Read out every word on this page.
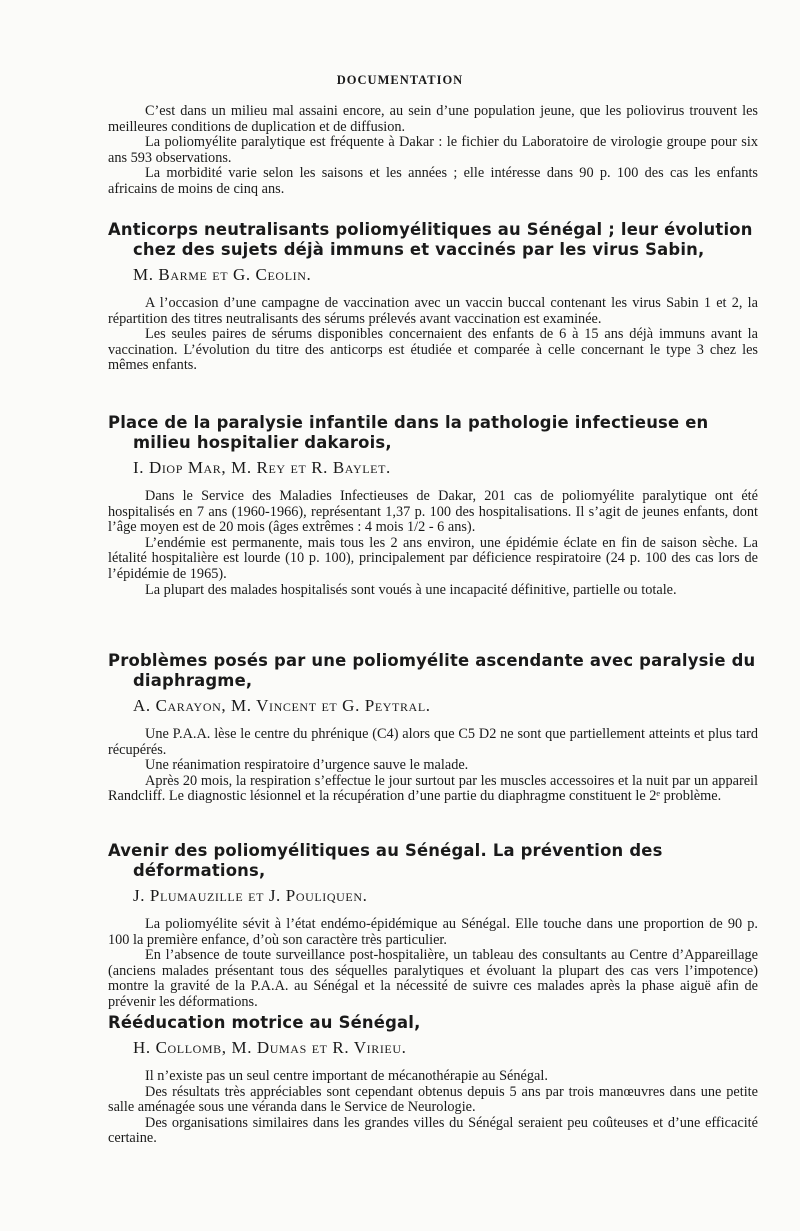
DOCUMENTATION

C’est dans un milieu mal assaini encore, au sein d’une population jeune, que les poliovirus trouvent les meilleures conditions de duplication et de diffusion.

La poliomyélite paralytique est fréquente à Dakar : le fichier du Laboratoire de virologie groupe pour six ans 593 observations.

La morbidité varie selon les saisons et les années ; elle intéresse dans 90 p. 100 des cas les enfants africains de moins de cinq ans.

Anticorps neutralisants poliomyélitiques au Sénégal ; leur évolution chez des sujets déjà immuns et vaccinés par les virus Sabin,
M. Barme et G. Ceolin.

A l’occasion d’une campagne de vaccination avec un vaccin buccal contenant les virus Sabin 1 et 2, la répartition des titres neutralisants des sérums prélevés avant vaccination est examinée.

Les seules paires de sérums disponibles concernaient des enfants de 6 à 15 ans déjà immuns avant la vaccination. L’évolution du titre des anticorps est étudiée et comparée à celle concernant le type 3 chez les mêmes enfants.

Place de la paralysie infantile dans la pathologie infectieuse en milieu hospitalier dakarois,
I. Diop Mar, M. Rey et R. Baylet.

Dans le Service des Maladies Infectieuses de Dakar, 201 cas de poliomyélite paralytique ont été hospitalisés en 7 ans (1960-1966), représentant 1,37 p. 100 des hospitalisations. Il s’agit de jeunes enfants, dont l’âge moyen est de 20 mois (âges extrêmes : 4 mois 1/2 - 6 ans).

L’endémie est permanente, mais tous les 2 ans environ, une épidémie éclate en fin de saison sèche. La létalité hospitalière est lourde (10 p. 100), principalement par déficience respiratoire (24 p. 100 des cas lors de l’épidémie de 1965).

La plupart des malades hospitalisés sont voués à une incapacité définitive, partielle ou totale.

Problèmes posés par une poliomyélite ascendante avec paralysie du diaphragme,
A. Carayon, M. Vincent et G. Peytral.

Une P.A.A. lèse le centre du phrénique (C4) alors que C5 D2 ne sont que partiellement atteints et plus tard récupérés.

Une réanimation respiratoire d’urgence sauve le malade.

Après 20 mois, la respiration s’effectue le jour surtout par les muscles accessoires et la nuit par un appareil Randcliff. Le diagnostic lésionnel et la récupération d’une partie du diaphragme constituent le 2ᵉ problème.

Avenir des poliomyélitiques au Sénégal. La prévention des déformations,
J. Plumauzille et J. Pouliquen.

La poliomyélite sévit à l’état endémo-épidémique au Sénégal. Elle touche dans une proportion de 90 p. 100 la première enfance, d’où son caractère très particulier.

En l’absence de toute surveillance post-hospitalière, un tableau des consultants au Centre d’Appareillage (anciens malades présentant tous des séquelles paralytiques et évoluant la plupart des cas vers l’impotence) montre la gravité de la P.A.A. au Sénégal et la nécessité de suivre ces malades après la phase aiguë afin de prévenir les déformations.

Rééducation motrice au Sénégal,
H. Collomb, M. Dumas et R. Virieu.

Il n’existe pas un seul centre important de mécanothérapie au Sénégal.

Des résultats très appréciables sont cependant obtenus depuis 5 ans par trois manœuvres dans une petite salle aménagée sous une véranda dans le Service de Neurologie.

Des organisations similaires dans les grandes villes du Sénégal seraient peu coûteuses et d’une efficacité certaine.
